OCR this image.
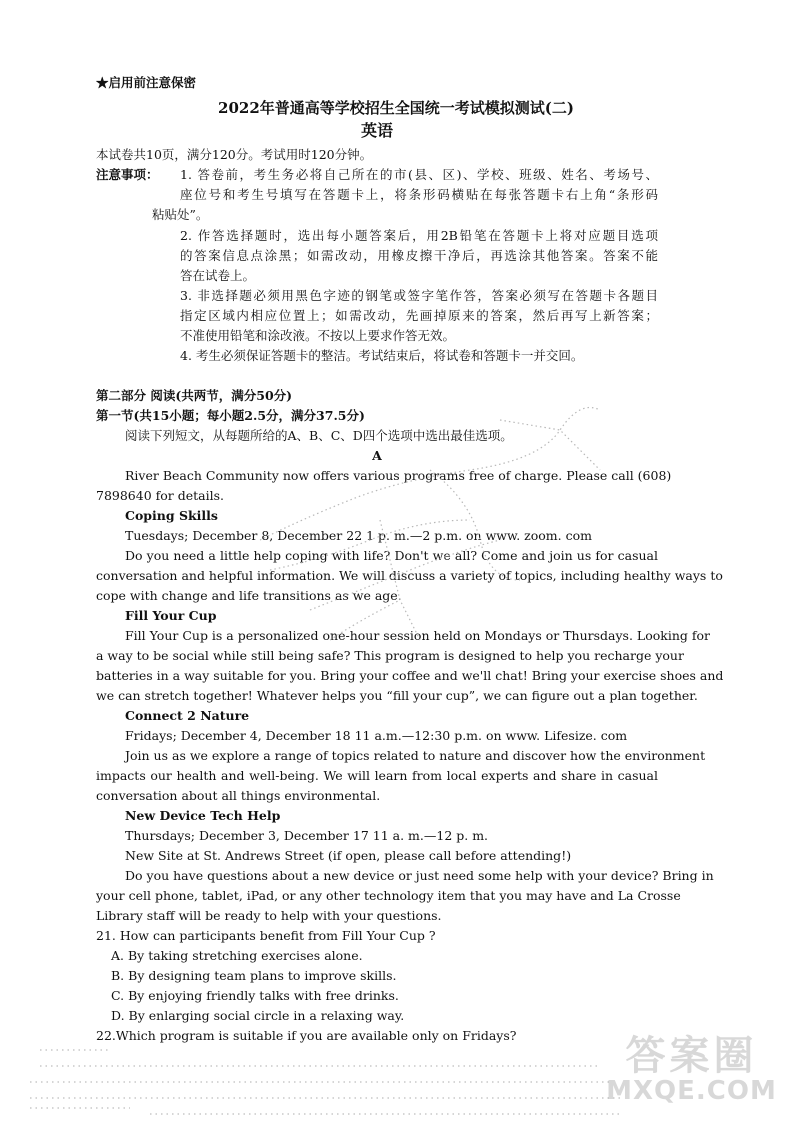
★启用前注意保密
2022年普通高等学校招生全国统一考试模拟测试(二)
英语
本试卷共10页，满分120分。考试用时120分钟。
注意事项：	1. 答卷前，考生务必将自己所在的市(县、区)、学校、班级、姓名、考场号、
座位号和考生号填写在答题卡上，将条形码横贴在每张答题卡右上角“条形码
粘贴处”。
2. 作答选择题时，选出每小题答案后，用2B铅笔在答题卡上将对应题目选项
的答案信息点涂黑；如需改动，用橡皮擦干净后，再选涂其他答案。答案不能
答在试卷上。
3. 非选择题必须用黑色字迹的钢笔或签字笔作答，答案必须写在答题卡各题目
指定区域内相应位置上；如需改动，先画掉原来的答案，然后再写上新答案；
不准使用铅笔和涂改液。不按以上要求作答无效。
4. 考生必须保证答题卡的整洁。考试结束后，将试卷和答题卡一并交回。
第二部分 阅读(共两节，满分50分)
第一节(共15小题；每小题2.5分，满分37.5分)
阅读下列短文，从每题所给的A、B、C、D四个选项中选出最佳选项。
A
River Beach Community now offers various programs free of charge. Please call (608)
7898640 for details.
Coping Skills
Tuesdays; December 8, December 22 1 p. m.—2 p.m. on www. zoom. com
Do you need a little help coping with life? Don't we all? Come and join us for casual
conversation and helpful information. We will discuss a variety of topics, including healthy ways to
cope with change and life transitions as we age.
Fill Your Cup
Fill Your Cup is a personalized one-hour session held on Mondays or Thursdays. Looking for
a way to be social while still being safe? This program is designed to help you recharge your
batteries in a way suitable for you. Bring your coffee and we'll chat! Bring your exercise shoes and
we can stretch together! Whatever helps you “fill your cup”, we can figure out a plan together.
Connect 2 Nature
Fridays; December 4, December 18 11 a.m.—12:30 p.m. on www. Lifesize. com
Join us as we explore a range of topics related to nature and discover how the environment
impacts our health and well-being. We will learn from local experts and share in casual
conversation about all things environmental.
New Device Tech Help
Thursdays; December 3, December 17 11 a. m.—12 p. m.
New Site at St. Andrews Street (if open, please call before attending!)
Do you have questions about a new device or just need some help with your device? Bring in
your cell phone, tablet, iPad, or any other technology item that you may have and La Crosse
Library staff will be ready to help with your questions.
21. How can participants benefit from Fill Your Cup ?
A. By taking stretching exercises alone.
B. By designing team plans to improve skills.
C. By enjoying friendly talks with free drinks.
D. By enlarging social circle in a relaxing way.
22.Which program is suitable if you are available only on Fridays?	答案圈
MXQE.COM
